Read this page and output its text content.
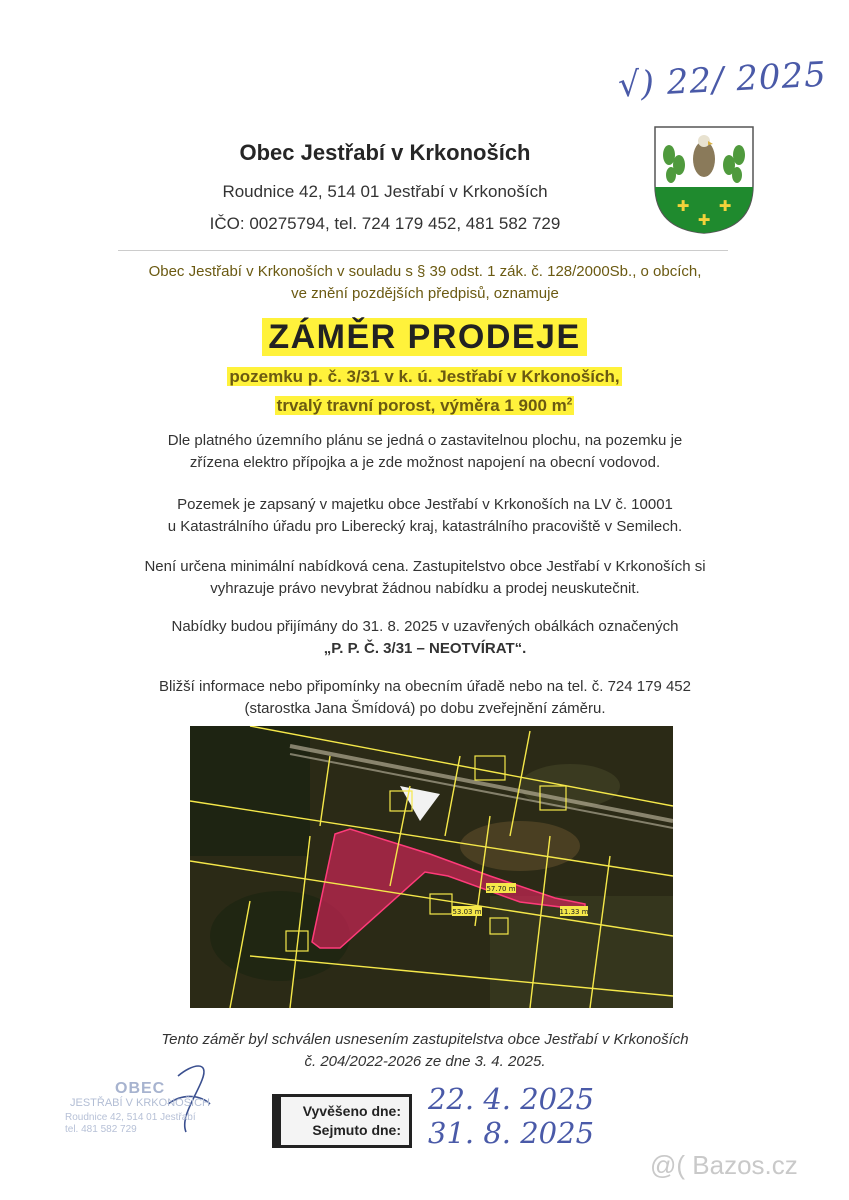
√) 22/ 2025
Obec Jestřabí v Krkonoších
Roudnice 42, 514 01 Jestřabí v Krkonoších
IČO: 00275794, tel. 724 179 452, 481 582 729
✚ ✚
✚
Obec Jestřabí v Krkonoších v souladu s § 39 odst. 1 zák. č. 128/2000Sb., o obcích,
ve znění pozdějších předpisů, oznamuje
ZÁMĚR PRODEJE
pozemku p. č. 3/31 v k. ú. Jestřabí v Krkonoších,
trvalý travní porost, výměra 1 900 $m^2$
Dle platného územního plánu se jedná o zastavitelnou plochu, na pozemku je
zřízena elektro přípojka a je zde možnost napojení na obecní vodovod.
Pozemek je zapsaný v majetku obce Jestřabí v Krkonoších na LV č. 10001
u Katastrálního úřadu pro Liberecký kraj, katastrálního pracoviště v Semilech.
Není určena minimální nabídková cena. Zastupitelstvo obce Jestřabí v Krkonoších si
vyhrazuje právo nevybrat žádnou nabídku a prodej neuskutečnit.
Nabídky budou přijímány do 31. 8. 2025 v uzavřených obálkách označených
„P. P. Č. 3/31 – NEOTVÍRAT“.
Bližší informace nebo připomínky na obecním úřadě nebo na tel. č. 724 179 452
(starostka Jana Šmídová) po dobu zveřejnění záměru.
57.70 m
53.03 m	11.33 m
Tento záměr byl schválen usnesením zastupitelstva obce Jestřabí v Krkonoších
č. 204/2022-2026 ze dne 3. 4. 2025.
OBEC
JESTŘABÍ V KRKONOŠÍCH
Roudnice 42, 514 01 Jestřabí
tel. 481 582 729
Vyvěšeno dne:
Sejmuto dne:
22. 4. 2025
31. 8. 2025
@( Bazos.cz
